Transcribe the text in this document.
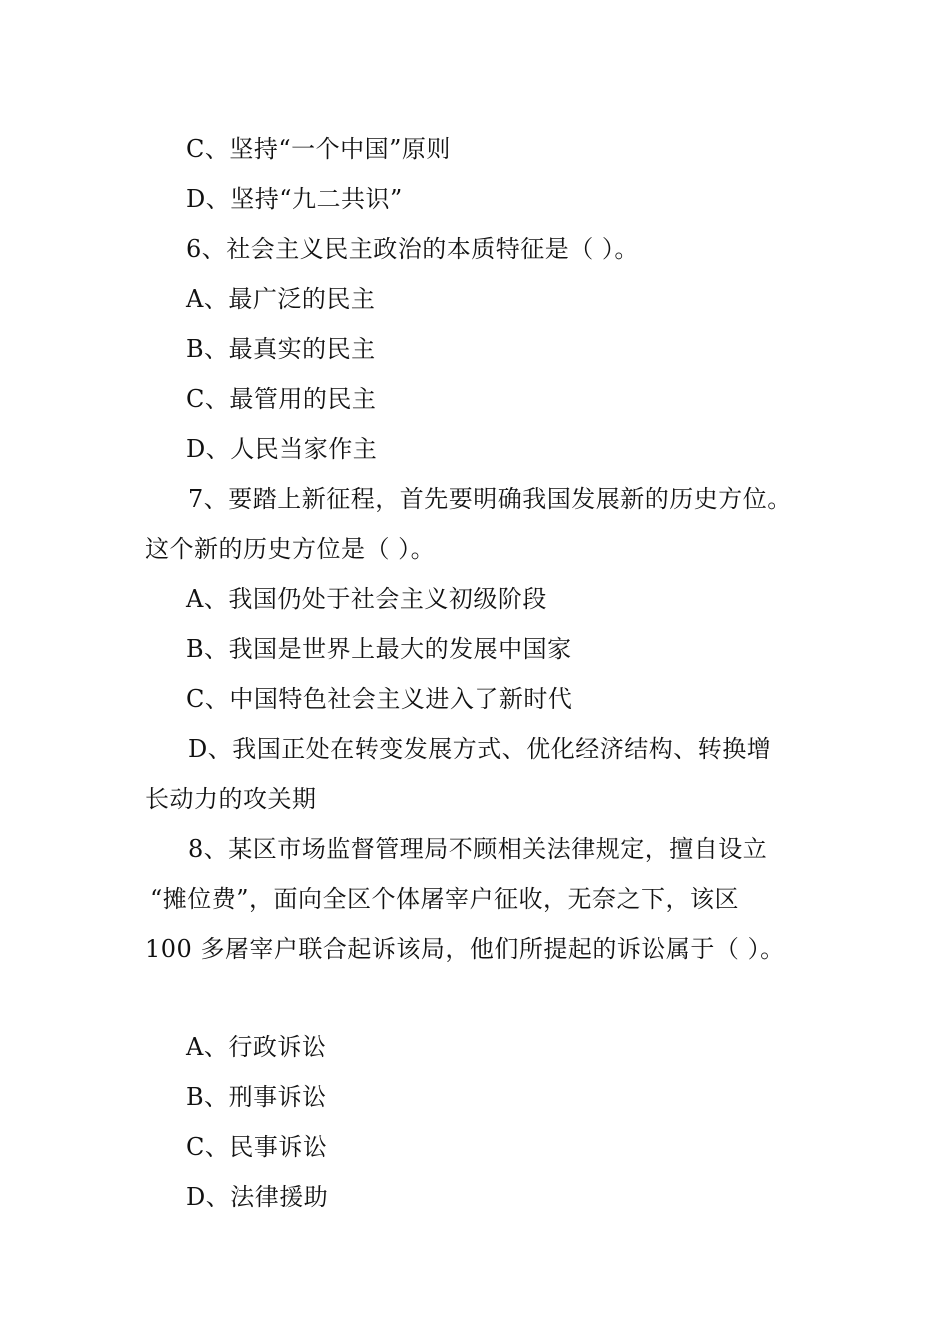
C、坚持“一个中国”原则
D、坚持“九二共识”
6、社会主义民主政治的本质特征是（ ）。
A、最广泛的民主
B、最真实的民主
C、最管用的民主
D、人民当家作主
7、要踏上新征程，首先要明确我国发展新的历史方位。
这个新的历史方位是（ ）。
A、我国仍处于社会主义初级阶段
B、我国是世界上最大的发展中国家
C、中国特色社会主义进入了新时代
D、我国正处在转变发展方式、优化经济结构、转换增
长动力的攻关期
8、某区市场监督管理局不顾相关法律规定，擅自设立
“摊位费”，面向全区个体屠宰户征收，无奈之下，该区
100 多屠宰户联合起诉该局，他们所提起的诉讼属于（ ）。
A、行政诉讼
B、刑事诉讼
C、民事诉讼
D、法律援助
